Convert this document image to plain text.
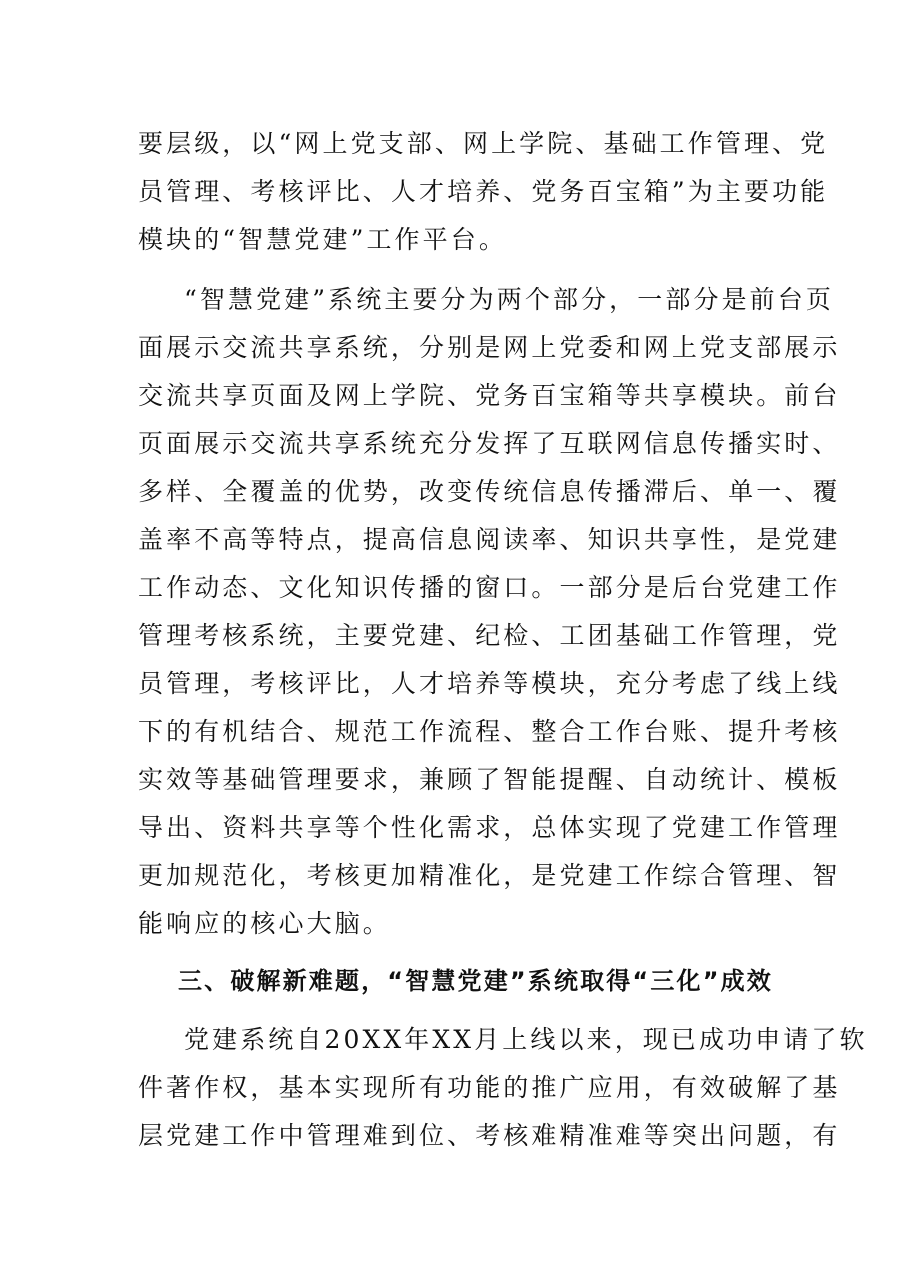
要层级，以“网上党支部、网上学院、基础工作管理、党
员管理、考核评比、人才培养、党务百宝箱”为主要功能
模块的“智慧党建”工作平台。
“智慧党建”系统主要分为两个部分，一部分是前台页
面展示交流共享系统，分别是网上党委和网上党支部展示
交流共享页面及网上学院、党务百宝箱等共享模块。前台
页面展示交流共享系统充分发挥了互联网信息传播实时、
多样、全覆盖的优势，改变传统信息传播滞后、单一、覆
盖率不高等特点，提高信息阅读率、知识共享性，是党建
工作动态、文化知识传播的窗口。一部分是后台党建工作
管理考核系统，主要党建、纪检、工团基础工作管理，党
员管理，考核评比，人才培养等模块，充分考虑了线上线
下的有机结合、规范工作流程、整合工作台账、提升考核
实效等基础管理要求，兼顾了智能提醒、自动统计、模板
导出、资料共享等个性化需求，总体实现了党建工作管理
更加规范化，考核更加精准化，是党建工作综合管理、智
能响应的核心大脑。
三、破解新难题，“智慧党建”系统取得“三化”成效
党建系统自20XX年XX月上线以来，现已成功申请了软
件著作权，基本实现所有功能的推广应用，有效破解了基
层党建工作中管理难到位、考核难精准难等突出问题，有
